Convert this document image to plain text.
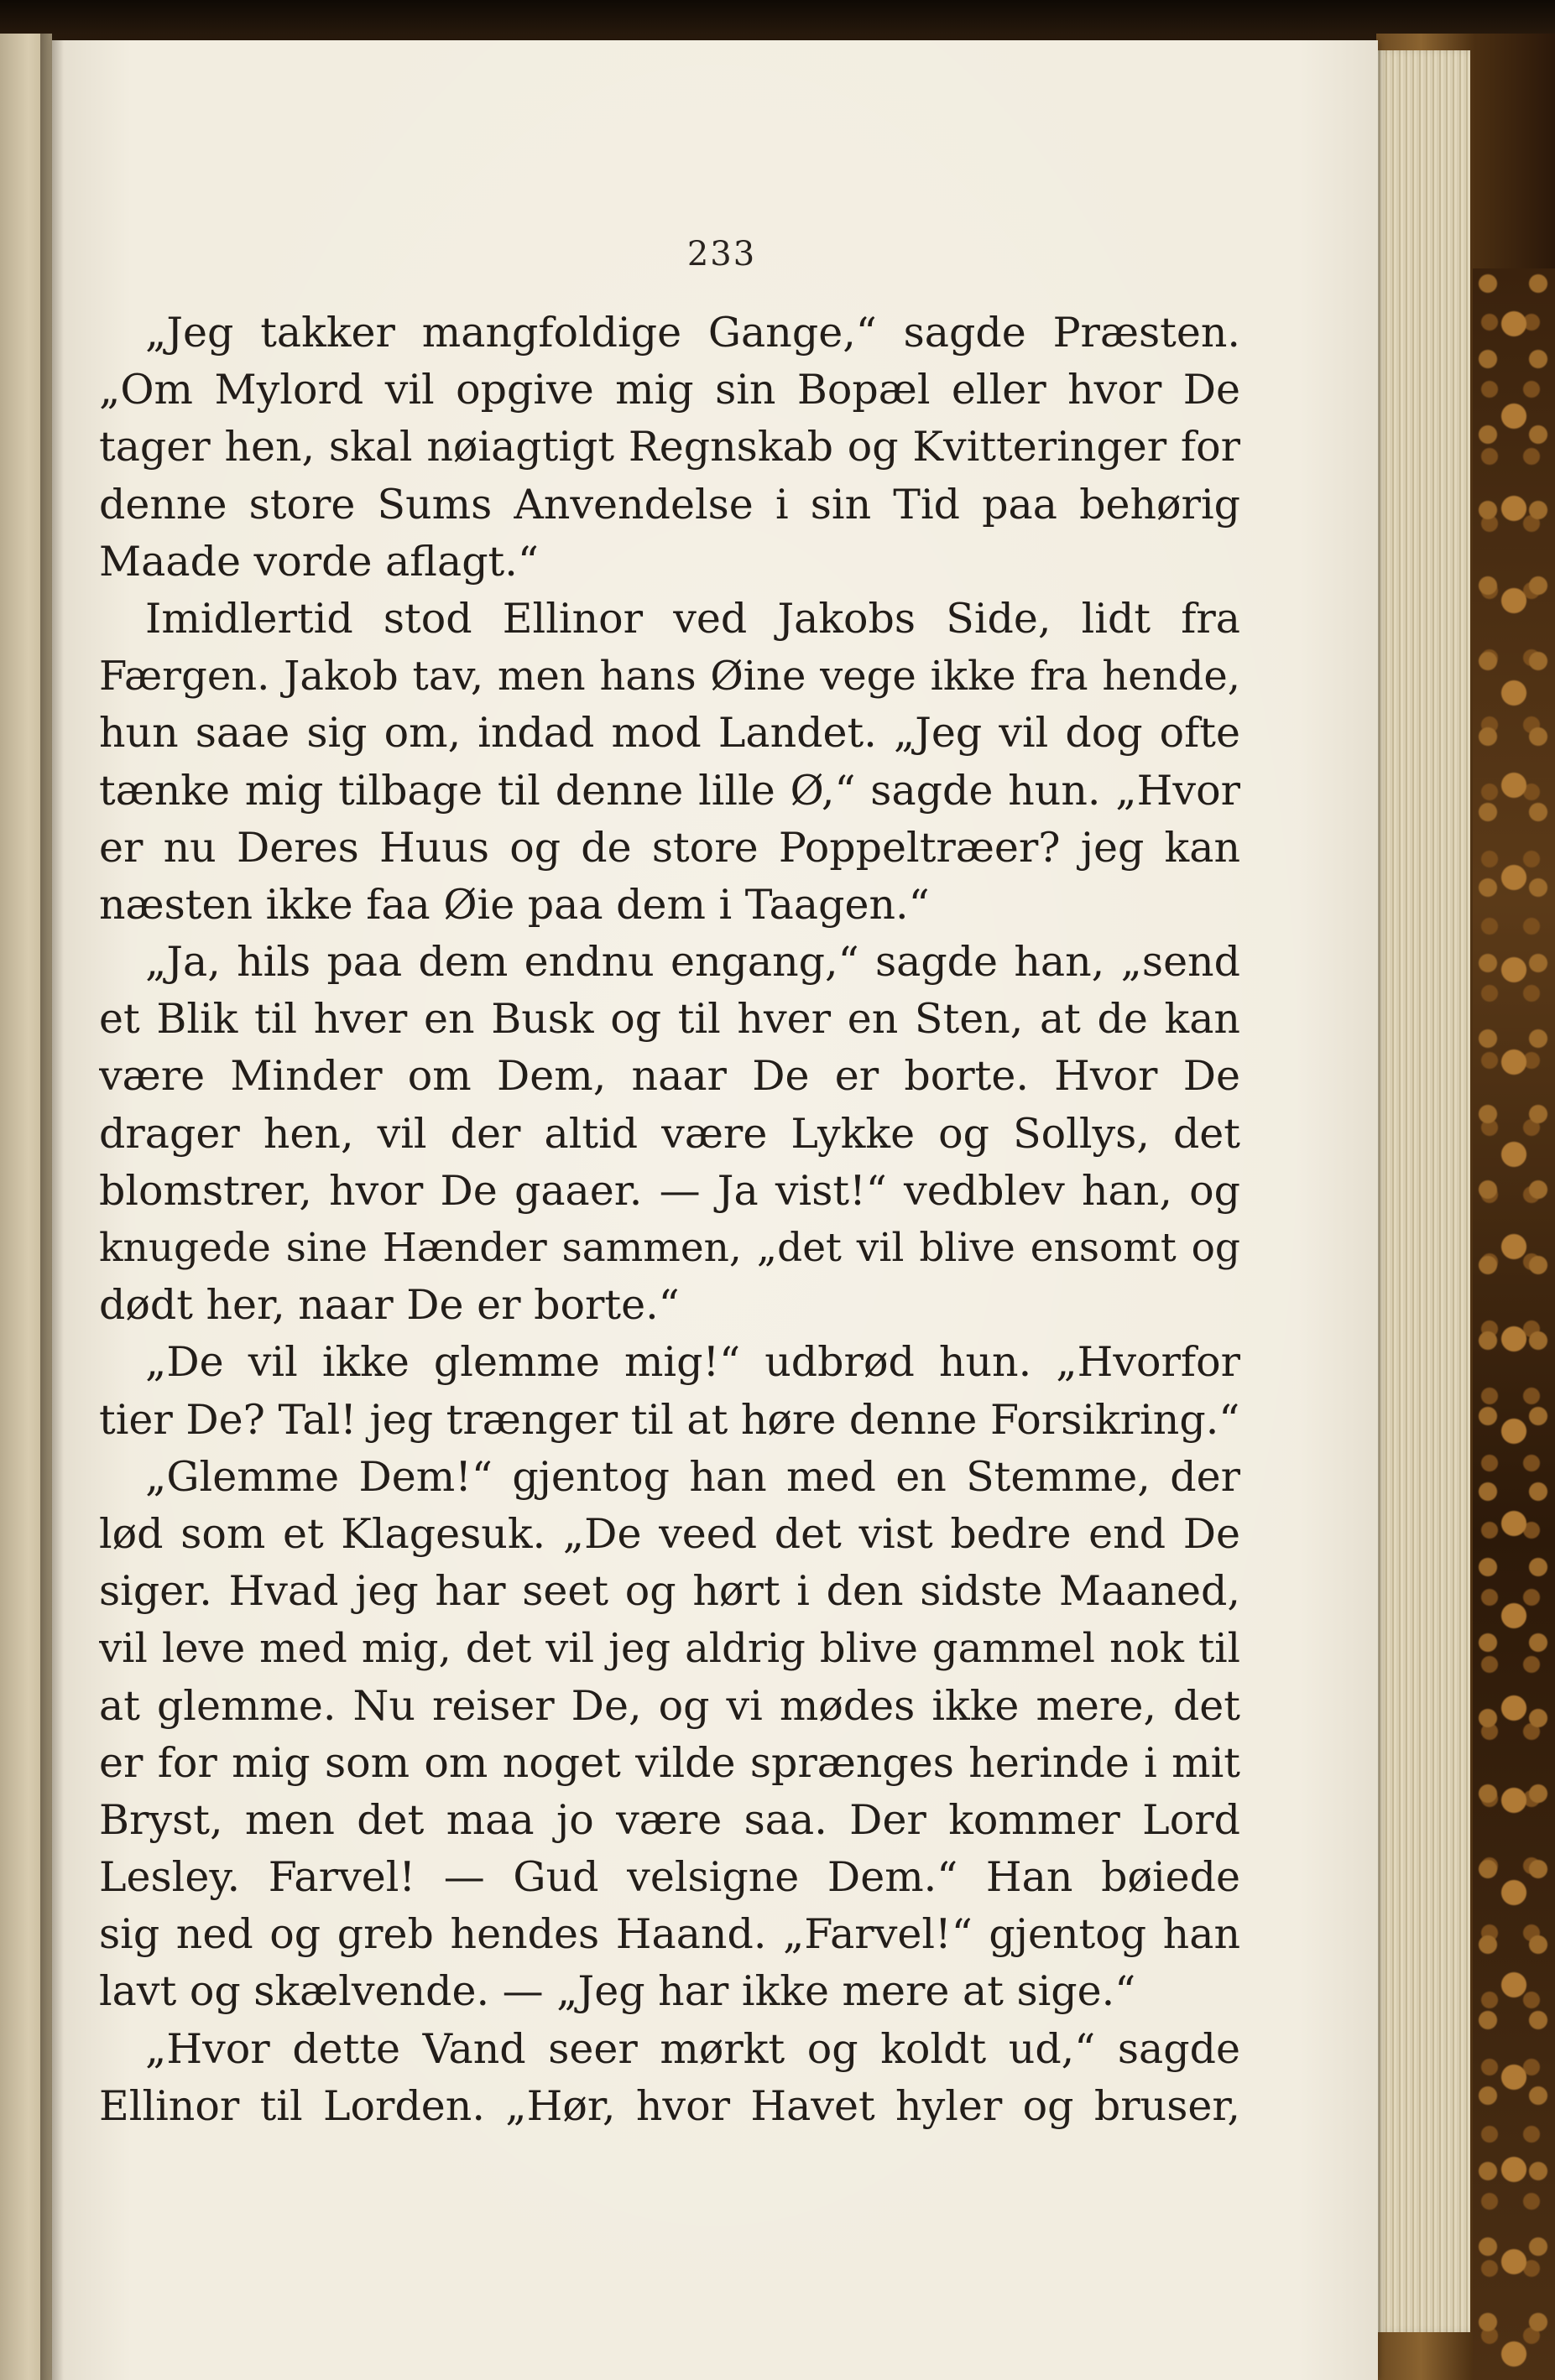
233
„Jeg takker mangfoldige Gange,“ sagde Præsten.
„Om Mylord vil opgive mig sin Bopæl eller hvor De
tager hen, skal nøiagtigt Regnskab og Kvitteringer for
denne store Sums Anvendelse i sin Tid paa behørig
Maade vorde aflagt.“
Imidlertid stod Ellinor ved Jakobs Side, lidt fra
Færgen. Jakob tav, men hans Øine vege ikke fra hende,
hun saae sig om, indad mod Landet. „Jeg vil dog ofte
tænke mig tilbage til denne lille Ø,“ sagde hun. „Hvor
er nu Deres Huus og de store Poppeltræer? jeg kan
næsten ikke faa Øie paa dem i Taagen.“
„Ja, hils paa dem endnu engang,“ sagde han, „send
et Blik til hver en Busk og til hver en Sten, at de kan
være Minder om Dem, naar De er borte. Hvor De
drager hen, vil der altid være Lykke og Sollys, det
blomstrer, hvor De gaaer. — Ja vist!“ vedblev han, og
knugede sine Hænder sammen, „det vil blive ensomt og
dødt her, naar De er borte.“
„De vil ikke glemme mig!“ udbrød hun. „Hvorfor
tier De? Tal! jeg trænger til at høre denne Forsikring.“
„Glemme Dem!“ gjentog han med en Stemme, der
lød som et Klagesuk. „De veed det vist bedre end De
siger. Hvad jeg har seet og hørt i den sidste Maaned,
vil leve med mig, det vil jeg aldrig blive gammel nok til
at glemme. Nu reiser De, og vi mødes ikke mere, det
er for mig som om noget vilde sprænges herinde i mit
Bryst, men det maa jo være saa. Der kommer Lord
Lesley. Farvel! — Gud velsigne Dem.“ Han bøiede
sig ned og greb hendes Haand. „Farvel!“ gjentog han
lavt og skælvende. — „Jeg har ikke mere at sige.“
„Hvor dette Vand seer mørkt og koldt ud,“ sagde
Ellinor til Lorden. „Hør, hvor Havet hyler og bruser,
